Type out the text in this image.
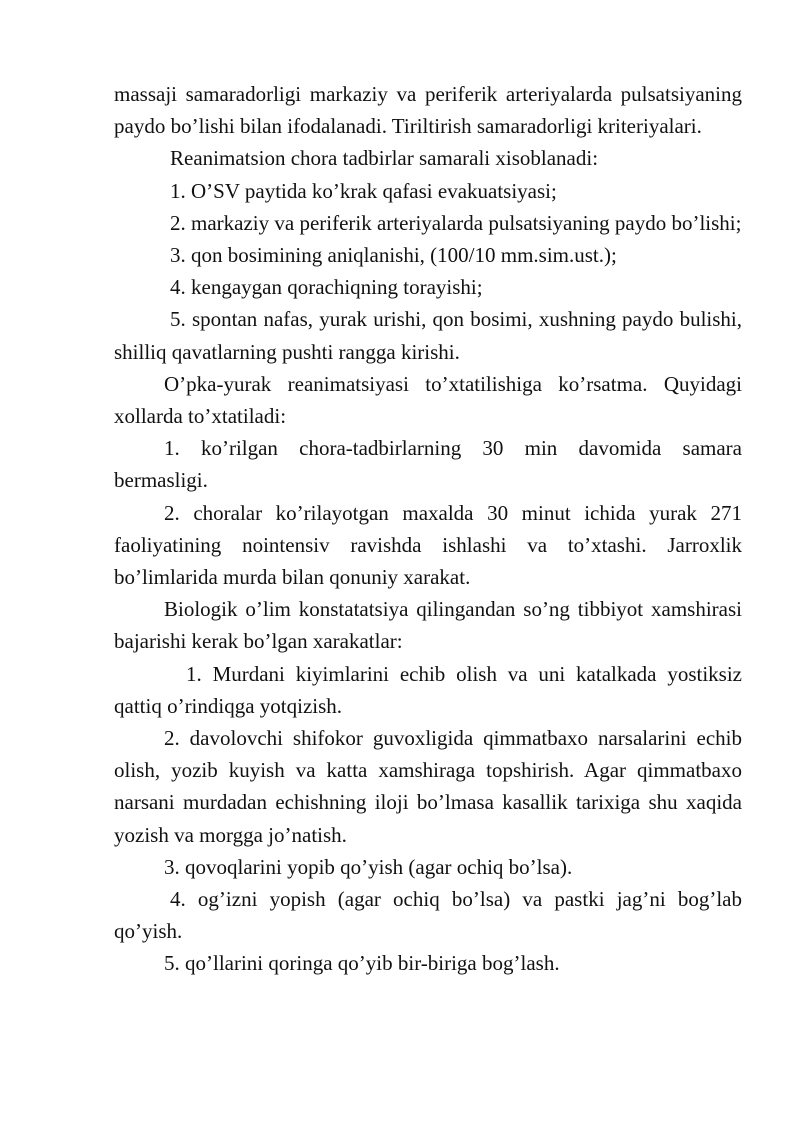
massaji samaradorligi markaziy va periferik arteriyalarda pulsatsiyaning paydo bo’lishi bilan ifodalanadi. Tiriltirish samaradorligi kriteriyalari.

Reanimatsion chora tadbirlar samarali xisoblanadi:

1. O’SV paytida ko’krak qafasi evakuatsiyasi;

2. markaziy va periferik arteriyalarda pulsatsiyaning paydo bo’lishi;

3. qon bosimining aniqlanishi, (100/10 mm.sim.ust.);

4. kengaygan qorachiqning torayishi;

5. spontan nafas, yurak urishi, qon bosimi, xushning paydo bulishi, shilliq qavatlarning pushti rangga kirishi.

O’pka-yurak reanimatsiyasi to’xtatilishiga ko’rsatma. Quyidagi xollarda to’xtatiladi:

1. ko’rilgan chora-tadbirlarning 30 min davomida samara bermasligi.

2. choralar ko’rilayotgan maxalda 30 minut ichida yurak 271 faoliyatining nointensiv ravishda ishlashi va to’xtashi. Jarroxlik bo’limlarida murda bilan qonuniy xarakat.

Biologik o’lim konstatatsiya qilingandan so’ng tibbiyot xamshirasi bajarishi kerak bo’lgan xarakatlar:

1. Murdani kiyimlarini echib olish va uni katalkada yostiksiz qattiq o’rindiqga yotqizish.

2. davolovchi shifokor guvoxligida qimmatbaxo narsalarini echib olish, yozib kuyish va katta xamshiraga topshirish. Agar qimmatbaxo narsani murdadan echishning iloji bo’lmasa kasallik tarixiga shu xaqida yozish va morgga jo’natish.

3. qovoqlarini yopib qo’yish (agar ochiq bo’lsa).

4. og’izni yopish (agar ochiq bo’lsa) va pastki jag’ni bog’lab qo’yish.

5. qo’llarini qoringa qo’yib bir-biriga bog’lash.
